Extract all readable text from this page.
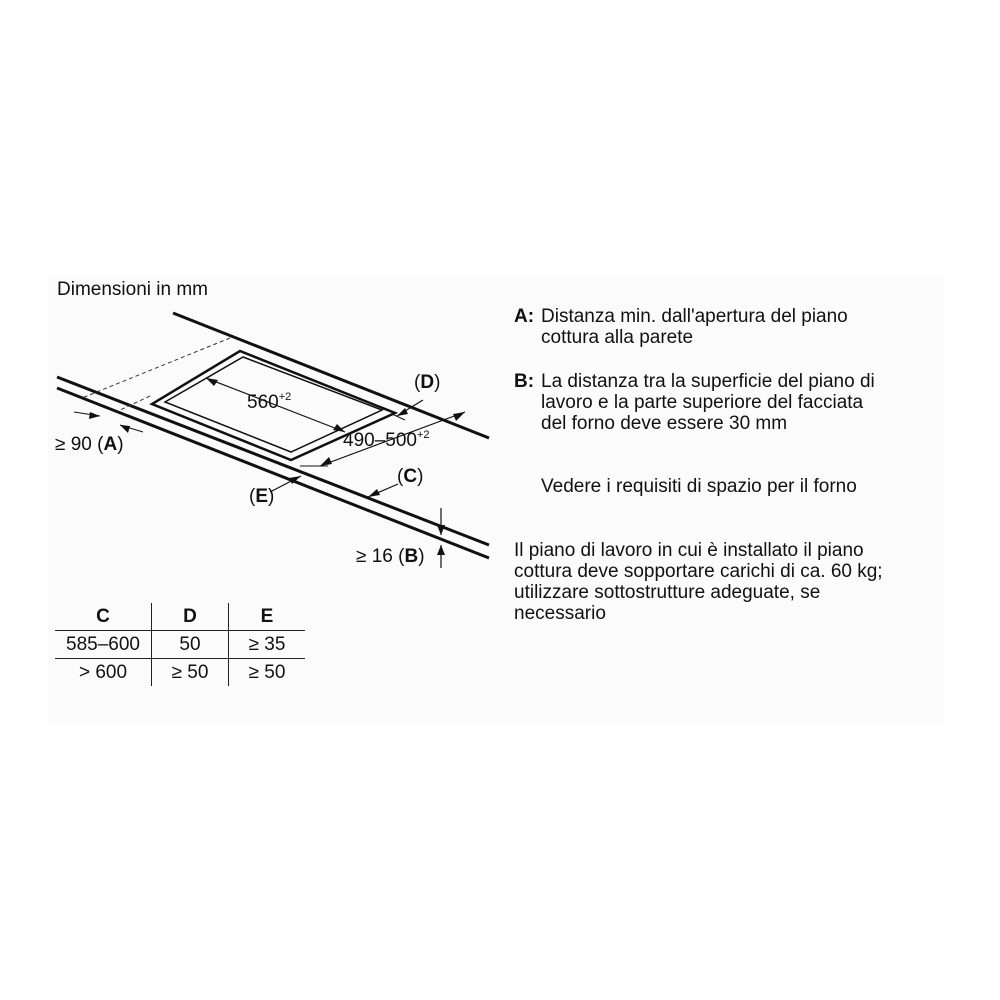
Dimensioni in mm
$560^{+2}$
$490-500^{+2}$
(D)
(C)
(E)
≥ 90 (A)
≥ 16 (B)
C	D	E
585–600	50	≥ 35
> 600	≥ 50	≥ 50
A: Distanza min. dall'apertura del piano
cottura alla parete
B: La distanza tra la superficie del piano di
lavoro e la parte superiore del facciata
del forno deve essere 30 mm
Vedere i requisiti di spazio per il forno
Il piano di lavoro in cui è installato il piano
cottura deve sopportare carichi di ca. 60 kg;
utilizzare sottostrutture adeguate, se
necessario
